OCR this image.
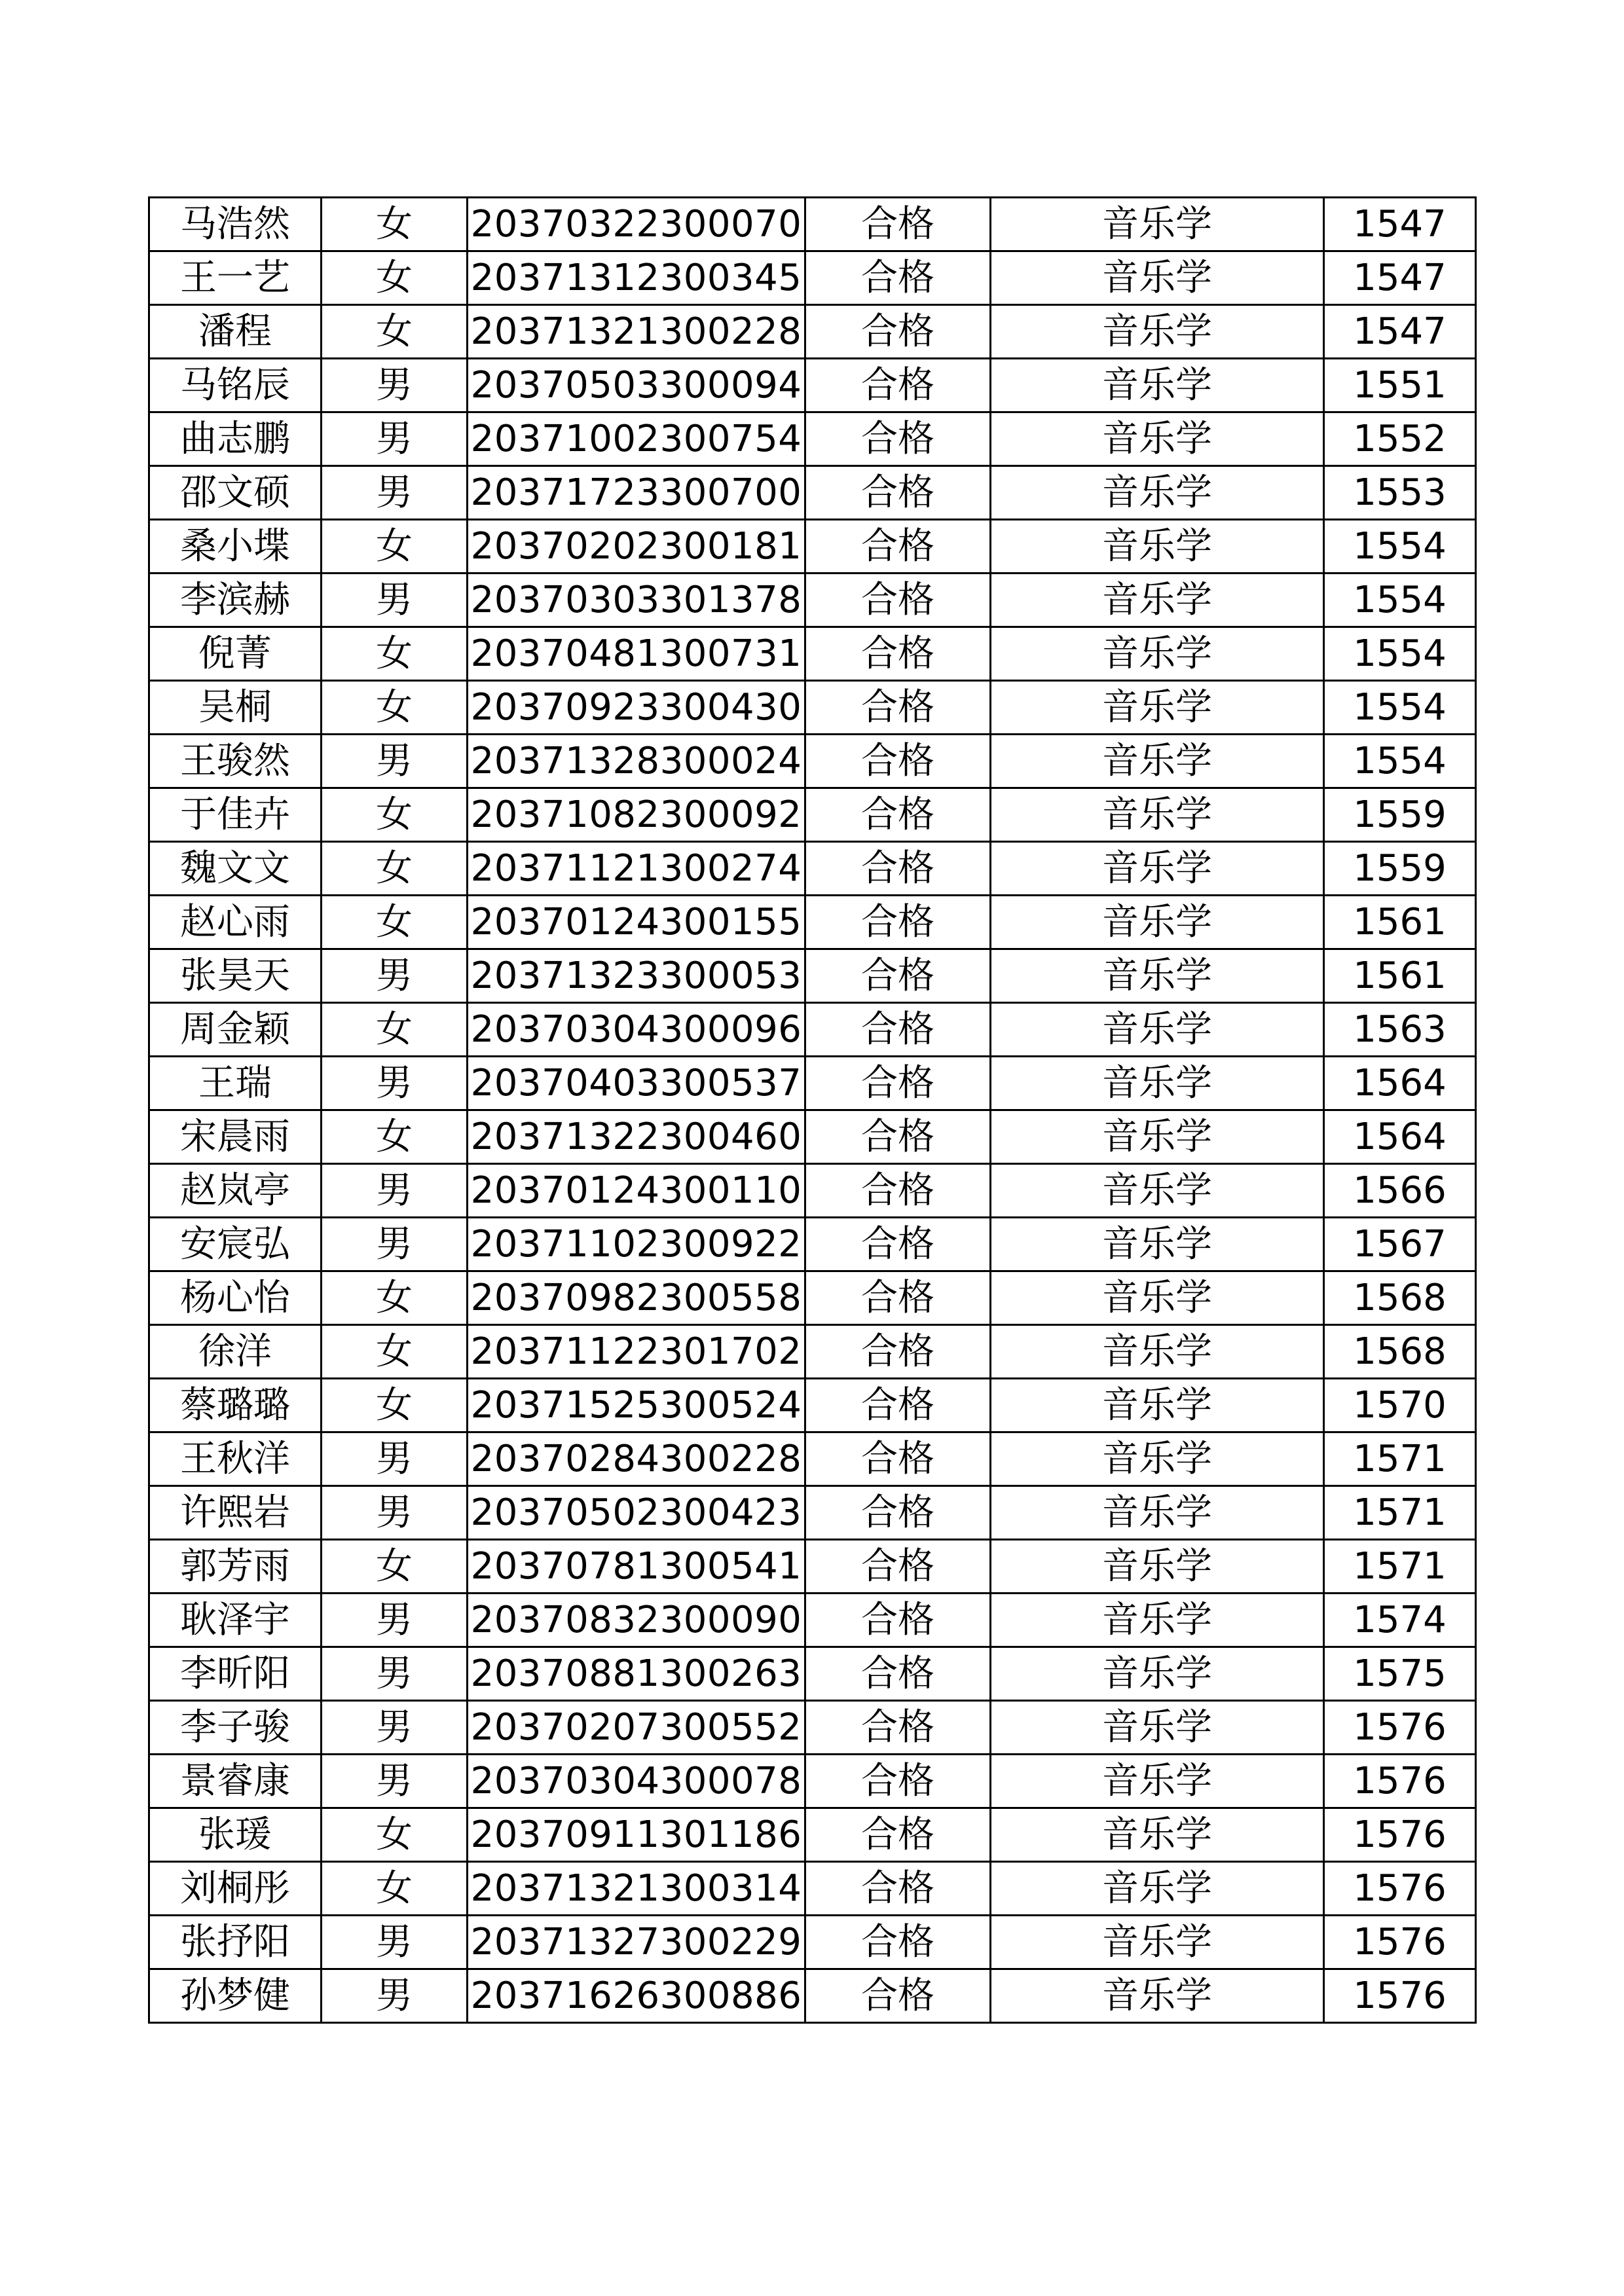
马浩然	女	20370322300070	合格	音乐学	1547
王一艺	女	20371312300345	合格	音乐学	1547
潘程	女	20371321300228	合格	音乐学	1547
马铭辰	男	20370503300094	合格	音乐学	1551
曲志鹏	男	20371002300754	合格	音乐学	1552
邵文硕	男	20371723300700	合格	音乐学	1553
桑小堞	女	20370202300181	合格	音乐学	1554
李滨赫	男	20370303301378	合格	音乐学	1554
倪菁	女	20370481300731	合格	音乐学	1554
吴桐	女	20370923300430	合格	音乐学	1554
王骏然	男	20371328300024	合格	音乐学	1554
于佳卉	女	20371082300092	合格	音乐学	1559
魏文文	女	20371121300274	合格	音乐学	1559
赵心雨	女	20370124300155	合格	音乐学	1561
张昊天	男	20371323300053	合格	音乐学	1561
周金颖	女	20370304300096	合格	音乐学	1563
王瑞	男	20370403300537	合格	音乐学	1564
宋晨雨	女	20371322300460	合格	音乐学	1564
赵岚亭	男	20370124300110	合格	音乐学	1566
安宸弘	男	20371102300922	合格	音乐学	1567
杨心怡	女	20370982300558	合格	音乐学	1568
徐洋	女	20371122301702	合格	音乐学	1568
蔡璐璐	女	20371525300524	合格	音乐学	1570
王秋洋	男	20370284300228	合格	音乐学	1571
许熙岩	男	20370502300423	合格	音乐学	1571
郭芳雨	女	20370781300541	合格	音乐学	1571
耿泽宇	男	20370832300090	合格	音乐学	1574
李昕阳	男	20370881300263	合格	音乐学	1575
李子骏	男	20370207300552	合格	音乐学	1576
景睿康	男	20370304300078	合格	音乐学	1576
张瑗	女	20370911301186	合格	音乐学	1576
刘桐彤	女	20371321300314	合格	音乐学	1576
张抒阳	男	20371327300229	合格	音乐学	1576
孙梦健	男	20371626300886	合格	音乐学	1576
